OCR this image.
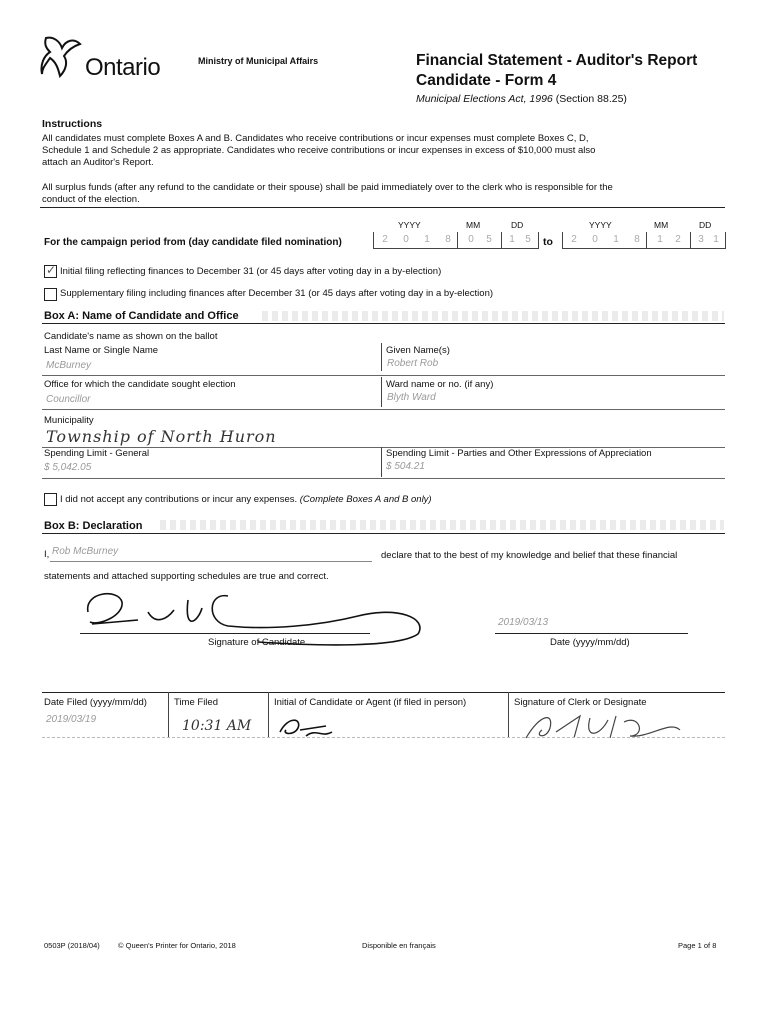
Ontario	Ministry of Municipal Affairs	Financial Statement - Auditor's Report
Candidate - Form 4
Municipal Elections Act, 1996 (Section 88.25)
Instructions
All candidates must complete Boxes A and B. Candidates who receive contributions or incur expenses must complete Boxes C, D,
Schedule 1 and Schedule 2 as appropriate. Candidates who receive contributions or incur expenses in excess of $10,000 must also
attach an Auditor's Report.
All surplus funds (after any refund to the candidate or their spouse) shall be paid immediately over to the clerk who is responsible for the
conduct of the election.
YYYY	MM	DD	YYYY	MM	DD
For the campaign period from (day candidate filed nomination)	2 0 1 8 0 5 1 5 to 2 0 1 8 1 2 3 1
✓ Initial filing reflecting finances to December 31 (or 45 days after voting day in a by-election)
Supplementary filing including finances after December 31 (or 45 days after voting day in a by-election)
Box A: Name of Candidate and Office
Candidate's name as shown on the ballot
Last Name or Single Name
McBurney
Given Name(s)
Robert Rob
Office for which the candidate sought election
Councillor
Ward name or no. (if any)
Blyth Ward
Municipality
Township of North Huron
Spending Limit - General
$ 5,042.05
Spending Limit - Parties and Other Expressions of Appreciation
$ 504.21
I did not accept any contributions or incur any expenses. (Complete Boxes A and B only)
Box B: Declaration
I, Rob McBurney	declare that to the best of my knowledge and belief that these financial
statements and attached supporting schedules are true and correct.
Signature of Candidate
2019/03/13
Date (yyyy/mm/dd)
Date Filed (yyyy/mm/dd)
2019/03/19
Time Filed
10:31 AM
Initial of Candidate or Agent (if filed in person)	Signature of Clerk or Designate
0503P (2018/04) © Queen's Printer for Ontario, 2018	Disponible en français	Page 1 of 8
